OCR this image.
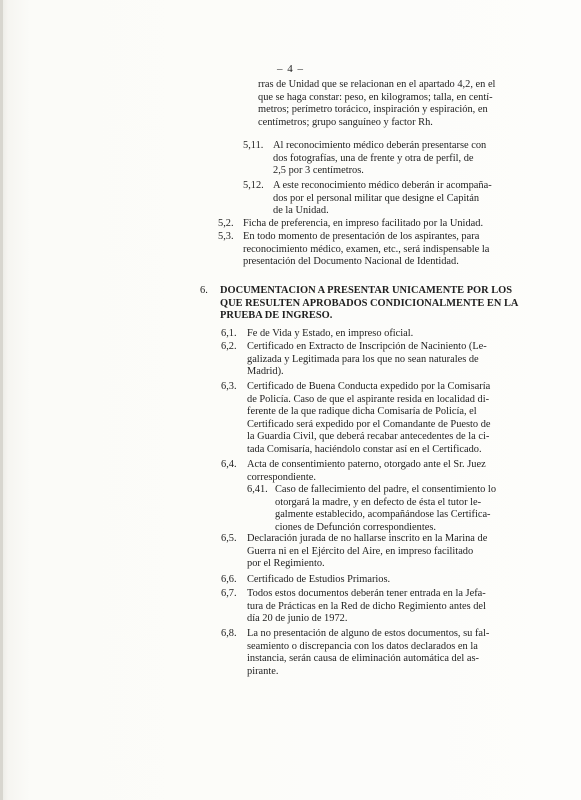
– 4 –
rras de Unidad que se relacionan en el apartado 4,2, en el
que se haga constar: peso, en kilogramos; talla, en centí-
metros; perímetro torácico, inspiración y espiración, en
centímetros; grupo sanguíneo y factor Rh.
5,11. Al reconocimiento médico deberán presentarse con
dos fotografías, una de frente y otra de perfil, de
2,5 por 3 centímetros.
5,12. A este reconocimiento médico deberán ir acompaña-
dos por el personal militar que designe el Capitán
de la Unidad.
5,2. Ficha de preferencia, en impreso facilitado por la Unidad.
5,3. En todo momento de presentación de los aspirantes, para
reconocimiento médico, examen, etc., será indispensable la
presentación del Documento Nacional de Identidad.
6. DOCUMENTACION A PRESENTAR UNICAMENTE POR LOS
QUE RESULTEN APROBADOS CONDICIONALMENTE EN LA
PRUEBA DE INGRESO.
6,1. Fe de Vida y Estado, en impreso oficial.
6,2. Certificado en Extracto de Inscripción de Naciniento (Le-
galizada y Legitimada para los que no sean naturales de
Madrid).
6,3. Certificado de Buena Conducta expedido por la Comisaría
de Policía. Caso de que el aspirante resida en localidad di-
ferente de la que radique dicha Comisaría de Policía, el
Certificado será expedido por el Comandante de Puesto de
la Guardia Civil, que deberá recabar antecedentes de la ci-
tada Comisaría, haciéndolo constar así en el Certificado.
6,4. Acta de consentimiento paterno, otorgado ante el Sr. Juez
correspondiente.
6,41. Caso de fallecimiento del padre, el consentimiento lo
otorgará la madre, y en defecto de ésta el tutor le-
galmente establecido, acompañándose las Certifica-
ciones de Defunción correspondientes.
6,5. Declaración jurada de no hallarse inscrito en la Marina de
Guerra ni en el Ejército del Aire, en impreso facilitado
por el Regimiento.
6,6. Certificado de Estudios Primarios.
6,7. Todos estos documentos deberán tener entrada en la Jefa-
tura de Prácticas en la Red de dicho Regimiento antes del
día 20 de junio de 1972.
6,8. La no presentación de alguno de estos documentos, su fal-
seamiento o discrepancia con los datos declarados en la
instancia, serán causa de eliminación automática del as-
pirante.
